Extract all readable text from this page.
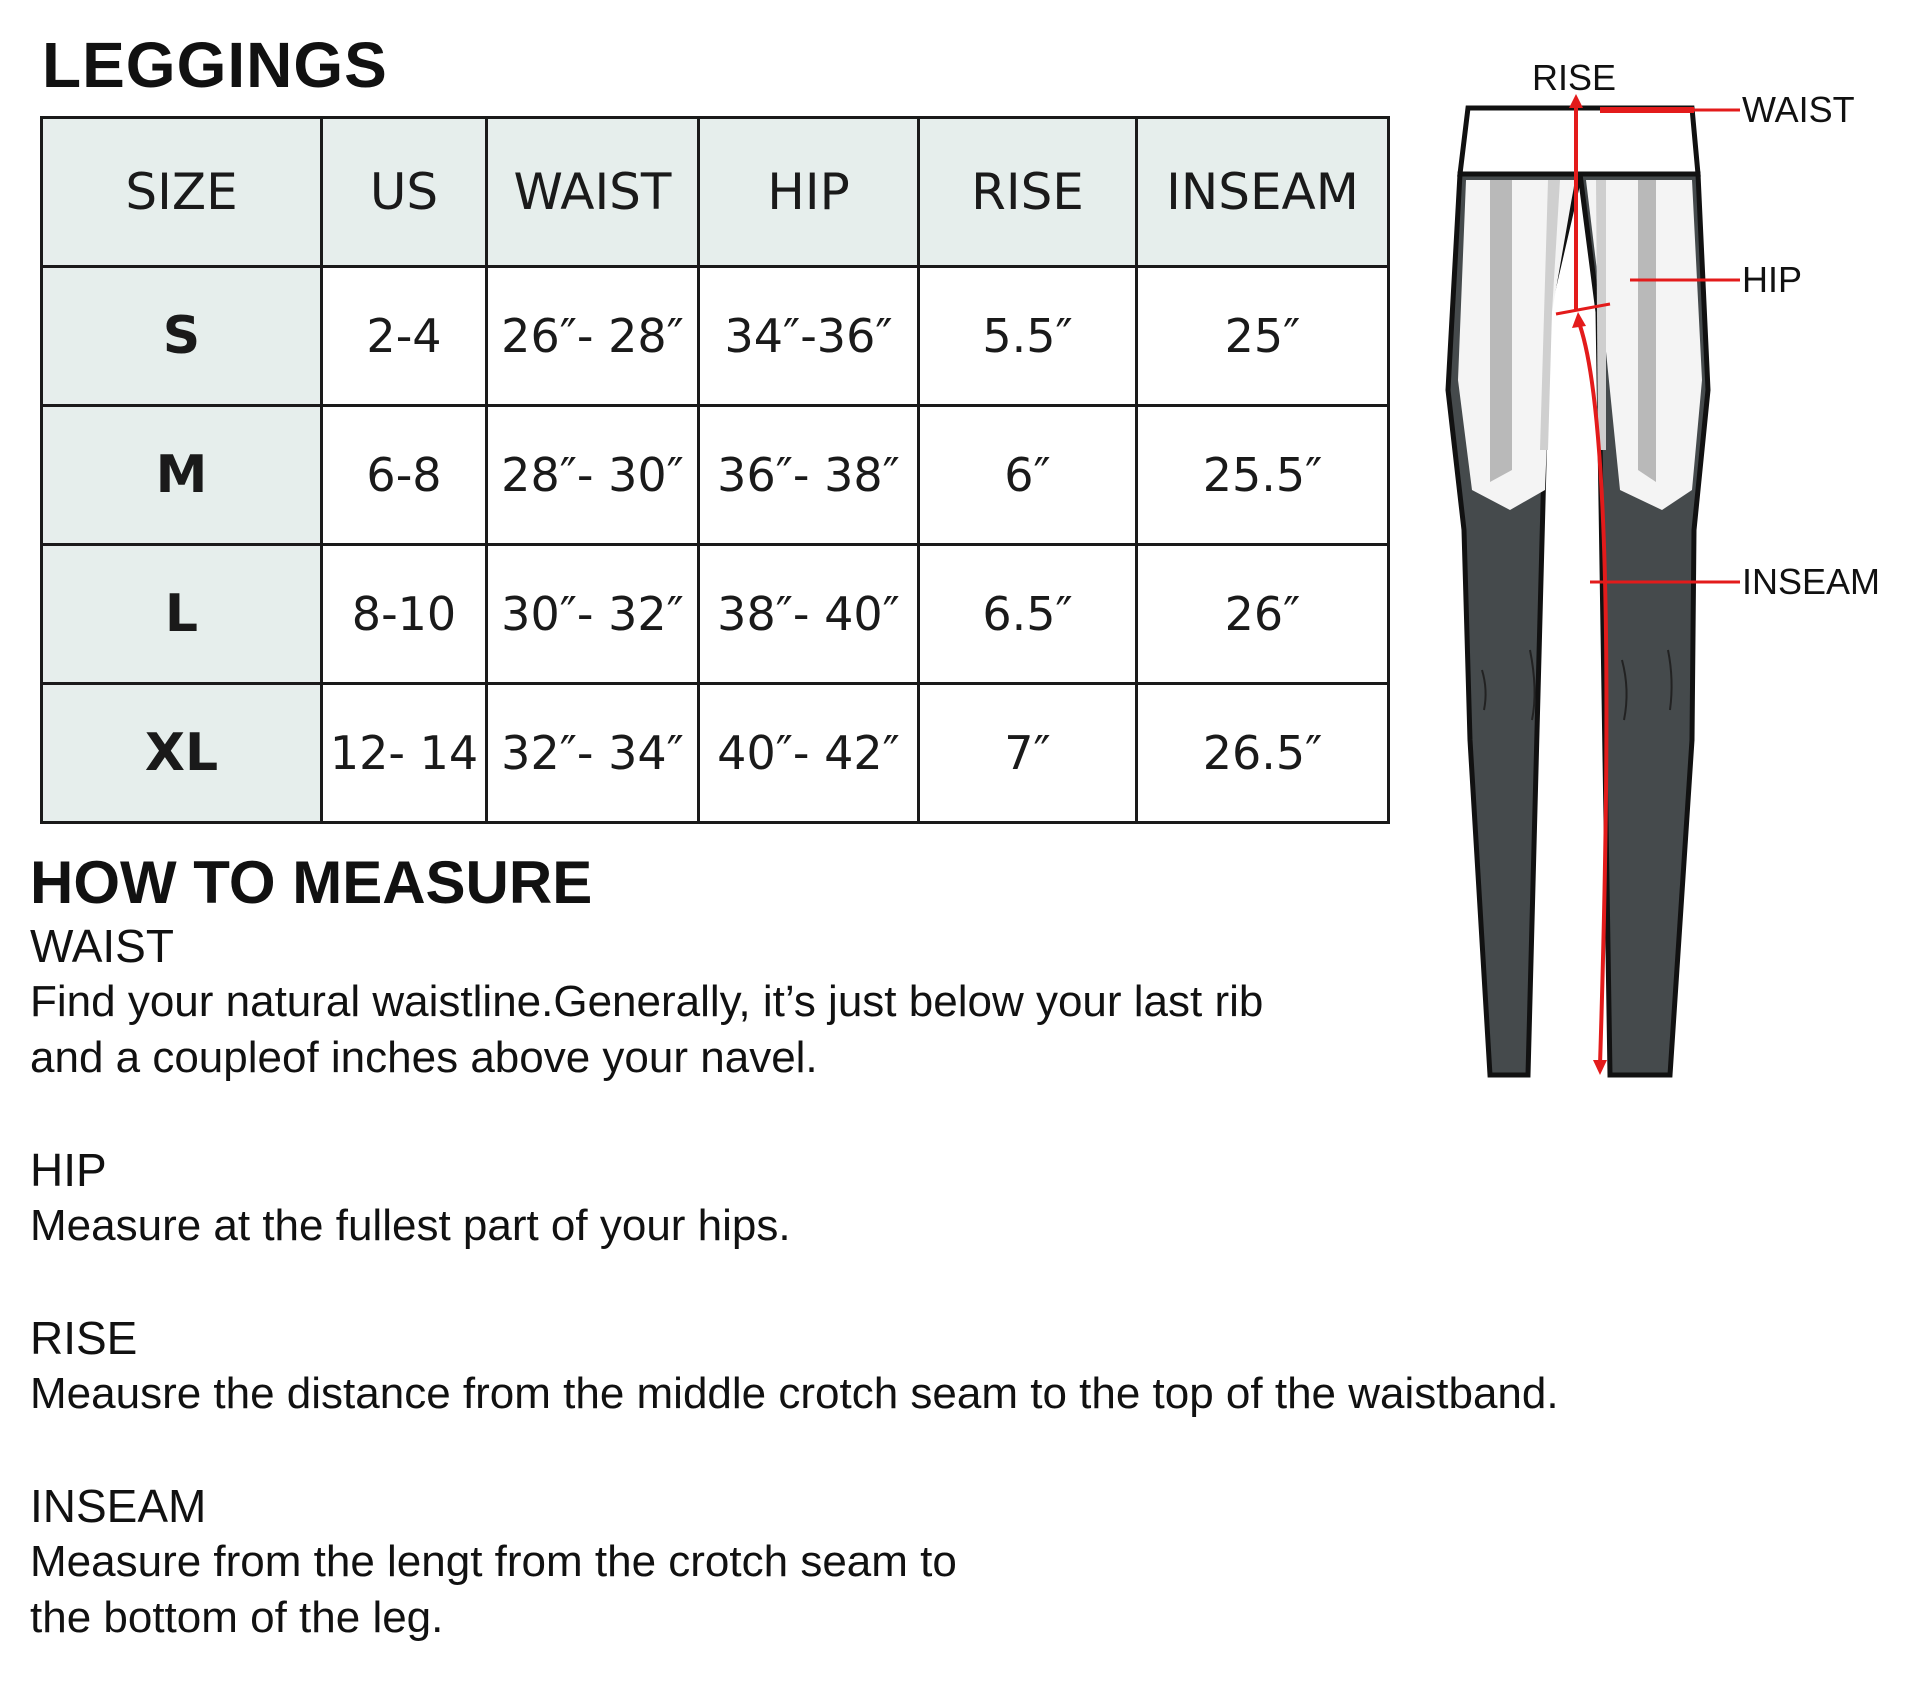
LEGGINGS
SIZE	US	WAIST	HIP	RISE	INSEAM
S	2-4	26″- 28″	34″-36″	5.5″	25″
M	6-8	28″- 30″	36″- 38″	6″	25.5″
L	8-10	30″- 32″	38″- 40″	6.5″	26″
XL	12- 14	32″- 34″	40″- 42″	7″	26.5″
RISE
WAIST
HIP
INSEAM
HOW TO MEASURE
WAIST
Find your natural waistline.Generally, it’s just below your last rib
and a coupleof inches above your navel.
HIP
Measure at the fullest part of your hips.
RISE
Meausre the distance from the middle crotch seam to the top of the waistband.
INSEAM
Measure from the lengt from the crotch seam to
the bottom of the leg.
